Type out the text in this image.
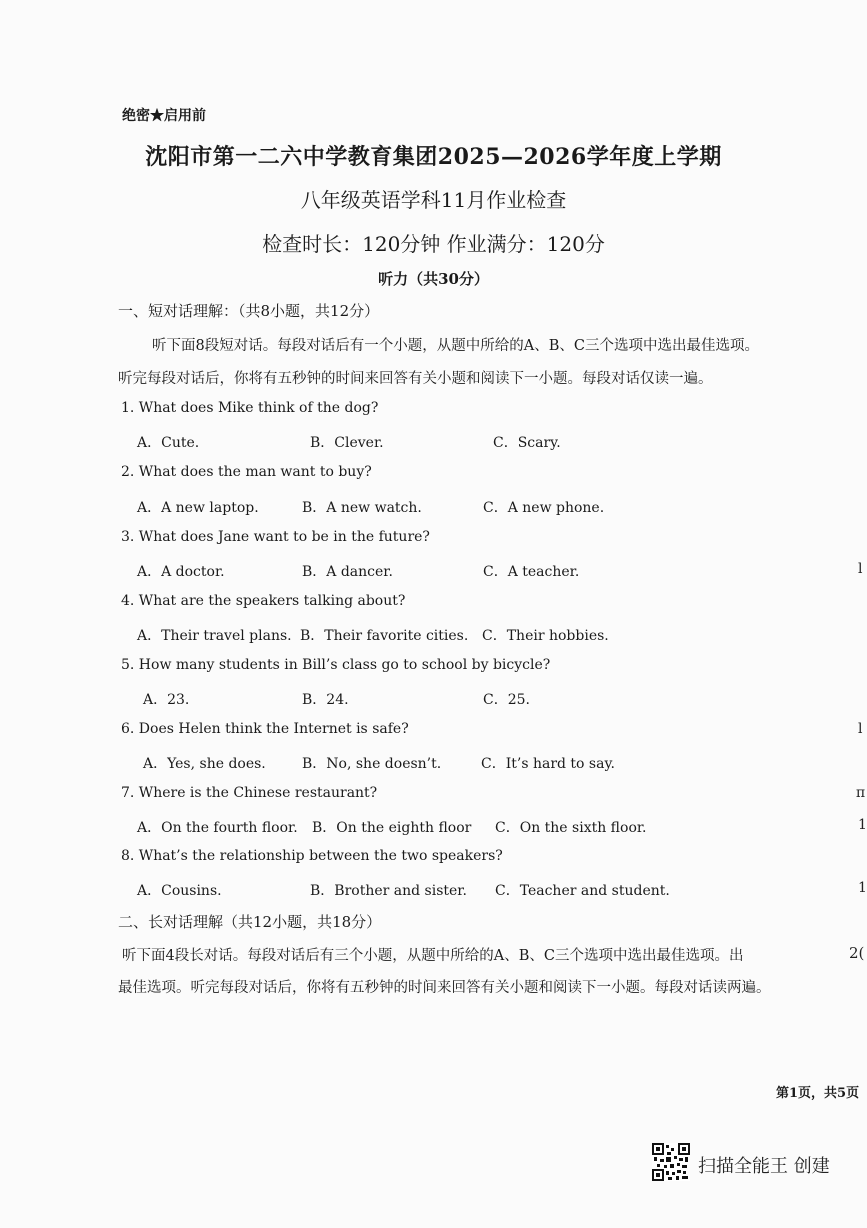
绝密★启用前
沈阳市第一二六中学教育集团2025—2026学年度上学期
八年级英语学科11月作业检查
检查时长：120分钟 作业满分：120分
听力（共30分）
一、短对话理解：（共8小题，共12分）
听下面8段短对话。每段对话后有一个小题，从题中所给的A、B、C三个选项中选出最佳选项。
听完每段对话后，你将有五秒钟的时间来回答有关小题和阅读下一小题。每段对话仅读一遍。
1. What does Mike think of the dog?
A．Cute.	B．Clever.	C．Scary.
2. What does the man want to buy?
A．A new laptop.	B．A new watch.	C．A new phone.
3. What does Jane want to be in the future?
A．A doctor.	B．A dancer.	C．A teacher.
4. What are the speakers talking about?
A．Their travel plans. B．Their favorite cities. C．Their hobbies.
5. How many students in Bill’s class go to school by bicycle?
A．23.	B．24.	C．25.
6. Does Helen think the Internet is safe?
A．Yes, she does.	B．No, she doesn’t.	C．It’s hard to say.
7. Where is the Chinese restaurant?
A．On the fourth floor. B．On the eighth floor C．On the sixth floor.
8. What’s the relationship between the two speakers?
A．Cousins.	B．Brother and sister. C．Teacher and student.
二、长对话理解（共12小题，共18分）
听下面4段长对话。每段对话后有三个小题，从题中所给的A、B、C三个选项中选出最佳选项。出
最佳选项。听完每段对话后，你将有五秒钟的时间来回答有关小题和阅读下一小题。每段对话读两遍。
l
l
п
1
1
2(
第1页，共5页
扫描全能王 创建
